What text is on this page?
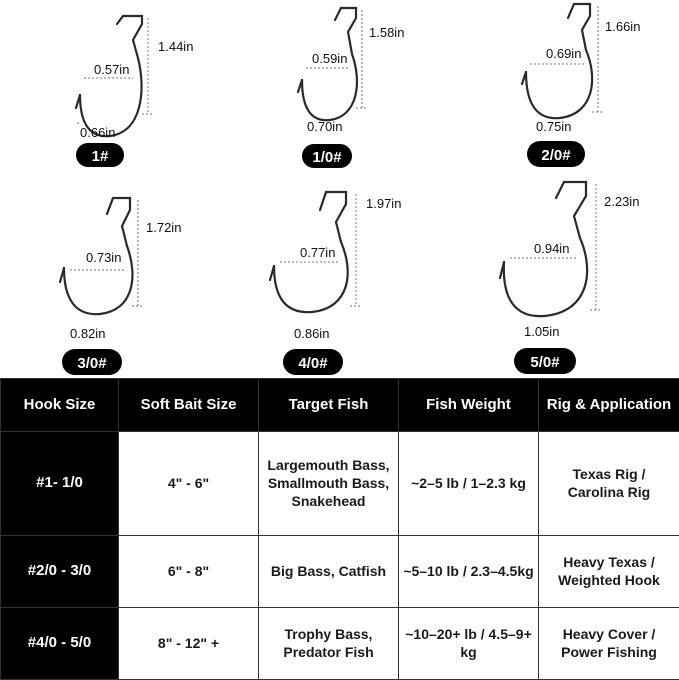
1.44in
0.57in
0.66in
1#
1.58in
0.59in
0.70in
1/0#
1.66in
0.69in
0.75in
2/0#
1.72in
0.73in
0.82in
3/0#
1.97in
0.77in
0.86in
4/0#
2.23in
0.94in
1.05in
5/0#
Hook Size	Soft Bait Size	Target Fish	Fish Weight	Rig & Application
#1- 1/0	4" - 6"	Largemouth Bass, Smallmouth Bass, Snakehead	~2–5 lb / 1–2.3 kg	Texas Rig / Carolina Rig
#2/0 - 3/0	6" - 8"	Big Bass, Catfish	~5–10 lb / 2.3–4.5kg	Heavy Texas / Weighted Hook
#4/0 - 5/0	8" - 12" +	Trophy Bass, Predator Fish	~10–20+ lb / 4.5–9+ kg	Heavy Cover / Power Fishing
